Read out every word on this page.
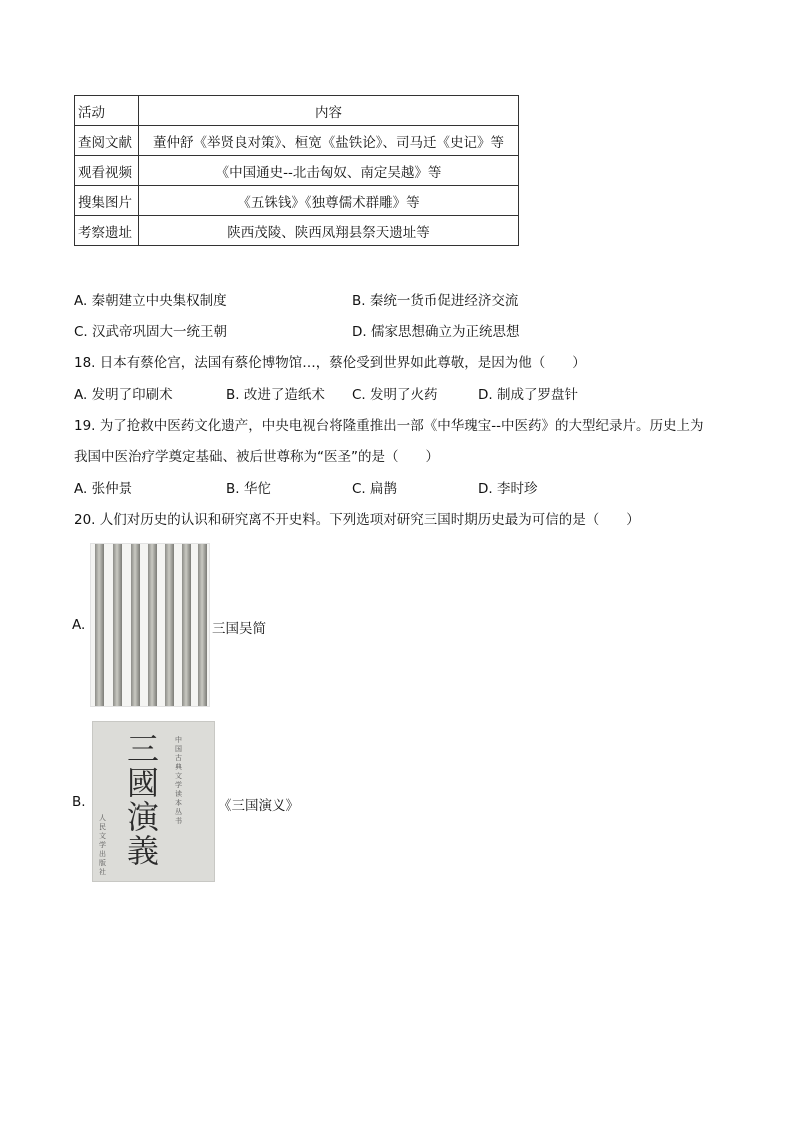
活动	内容
查阅文献	董仲舒《举贤良对策》、桓宽《盐铁论》、司马迁《史记》等
观看视频	《中国通史--北击匈奴、南定吴越》等
搜集图片	《五铢钱》《独尊儒术群雕》等
考察遗址	陕西茂陵、陕西凤翔县祭天遗址等
A. 秦朝建立中央集权制度	B. 秦统一货币促进经济交流
C. 汉武帝巩固大一统王朝	D. 儒家思想确立为正统思想
18. 日本有蔡伦宫，法国有蔡伦博物馆…，蔡伦受到世界如此尊敬，是因为他（　　）
A. 发明了印刷术	B. 改进了造纸术 C. 发明了火药	D. 制成了罗盘针
19. 为了抢救中医药文化遗产，中央电视台将隆重推出一部《中华瑰宝--中医药》的大型纪录片。历史上为
我国中医治疗学奠定基础、被后世尊称为“医圣”的是（　　）
A. 张仲景	B. 华佗	C. 扁鹊	D. 李时珍
20. 人们对历史的认识和研究离不开史料。下列选项对研究三国时期历史最为可信的是（　　）
A.	三国吴简
B.
三國演義
中国古典文学读本丛书
人民文学出版社
《三国演义》
